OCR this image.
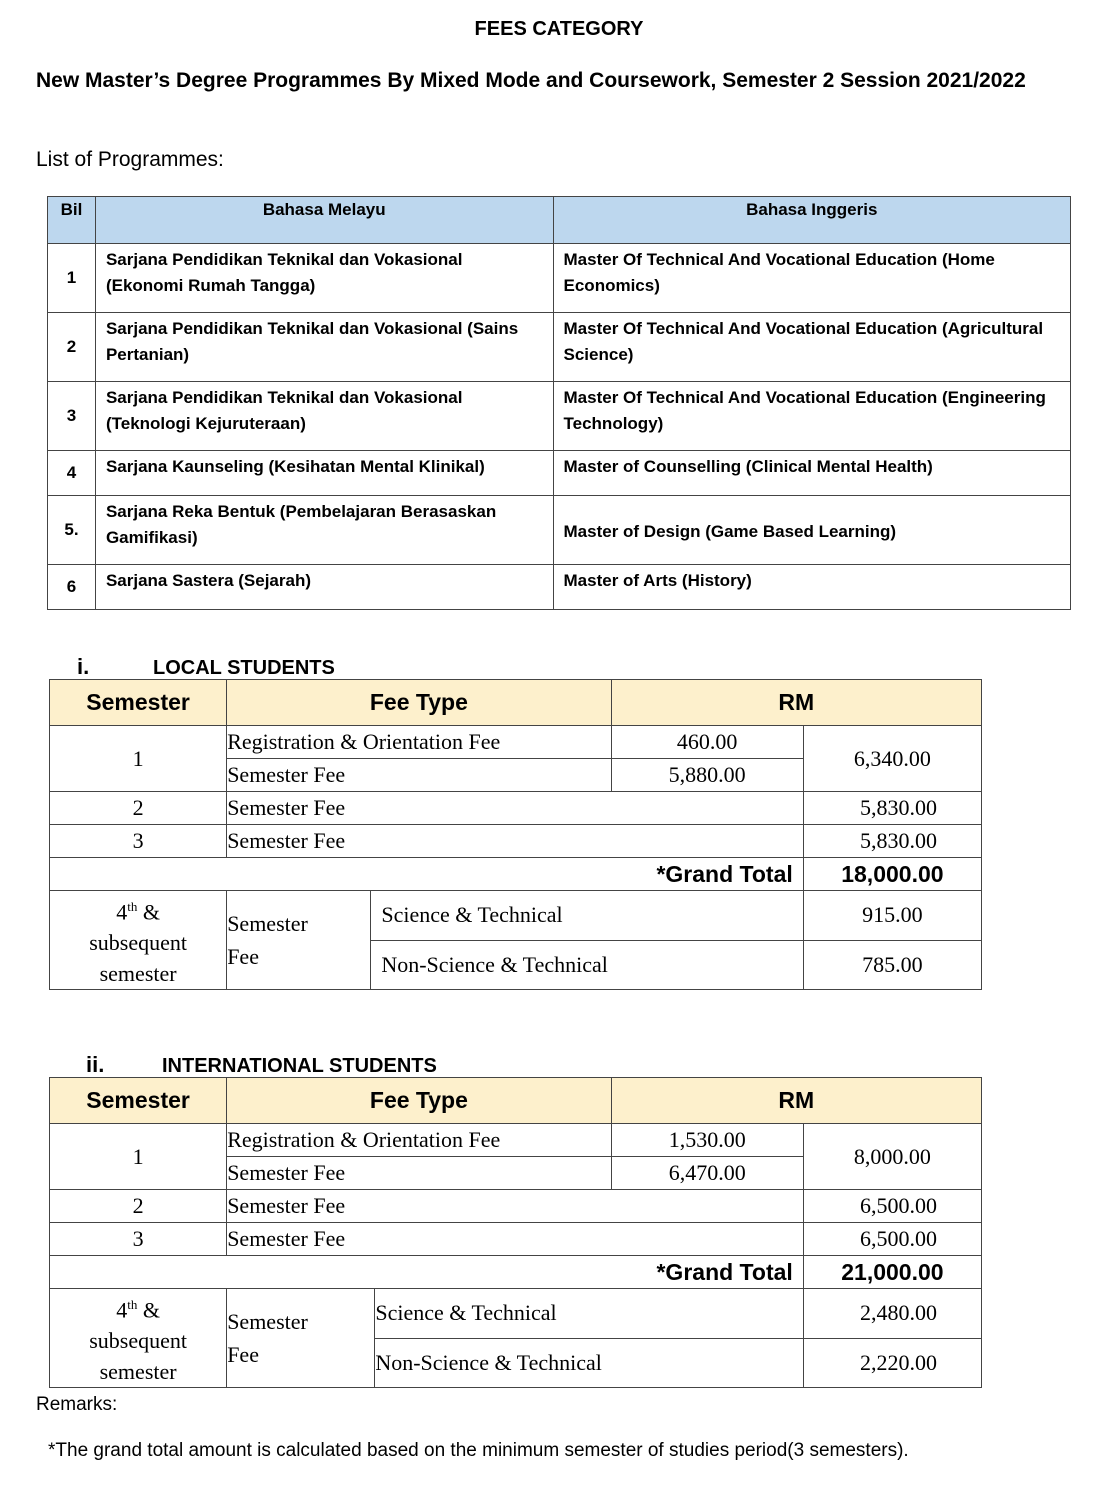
FEES CATEGORY
New Master’s Degree Programmes By Mixed Mode and Coursework, Semester 2 Session 2021/2022
List of Programmes:
Bil	Bahasa Melayu	Bahasa Inggeris
1	Sarjana Pendidikan Teknikal dan Vokasional (Ekonomi Rumah Tangga)	Master Of Technical And Vocational Education (Home Economics)
2	Sarjana Pendidikan Teknikal dan Vokasional (Sains Pertanian)	Master Of Technical And Vocational Education (Agricultural Science)
3	Sarjana Pendidikan Teknikal dan Vokasional (Teknologi Kejuruteraan)	Master Of Technical And Vocational Education (Engineering Technology)
4	Sarjana Kaunseling (Kesihatan Mental Klinikal)	Master of Counselling (Clinical Mental Health)
5.	Sarjana Reka Bentuk (Pembelajaran Berasaskan Gamifikasi)	Master of Design (Game Based Learning)
6	Sarjana Sastera (Sejarah)	Master of Arts (History)
i.	LOCAL STUDENTS
Semester	Fee Type		RM	
1	Registration & Orientation Fee		460.00	6,340.00
	Semester Fee		5,880.00	
2	Semester Fee			5,830.00
3	Semester Fee			5,830.00
*Grand Total				18,000.00
4th &
subsequent
semester	Semester
Fee	Science & Technical		915.00
		Non-Science & Technical		785.00
ii.	INTERNATIONAL STUDENTS
Semester	Fee Type		RM	
1	Registration & Orientation Fee		1,530.00	8,000.00
	Semester Fee		6,470.00	
2	Semester Fee			6,500.00
3	Semester Fee			6,500.00
*Grand Total				21,000.00
4th &
subsequent
semester	Semester
Fee	Science & Technical		2,480.00
		Non-Science & Technical		2,220.00
Remarks:
*The grand total amount is calculated based on the minimum semester of studies period(3 semesters).
